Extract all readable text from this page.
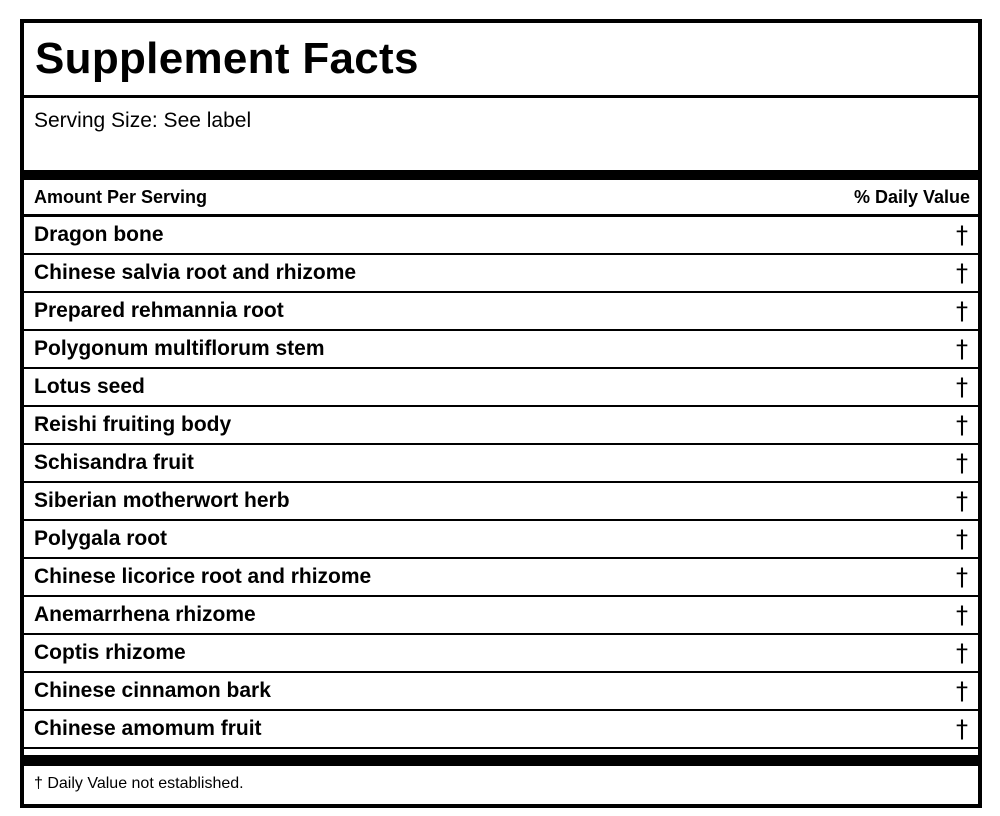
Supplement Facts
Serving Size: See label
Amount Per Serving	% Daily Value
Dragon bone	†
Chinese salvia root and rhizome	†
Prepared rehmannia root	†
Polygonum multiflorum stem	†
Lotus seed	†
Reishi fruiting body	†
Schisandra fruit	†
Siberian motherwort herb	†
Polygala root	†
Chinese licorice root and rhizome	†
Anemarrhena rhizome	†
Coptis rhizome	†
Chinese cinnamon bark	†
Chinese amomum fruit	†
† Daily Value not established.
